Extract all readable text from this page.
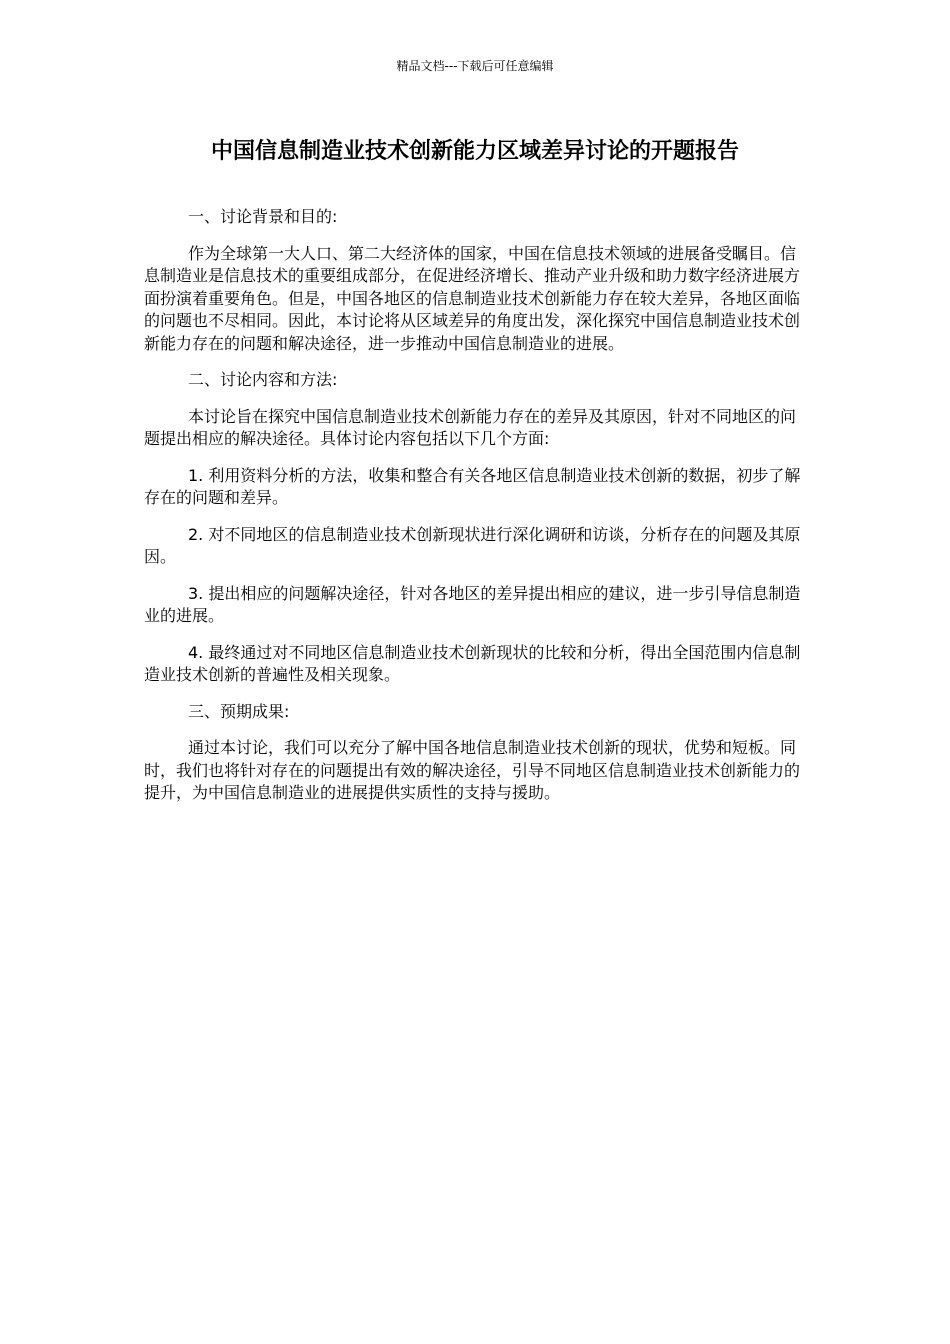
精品文档---下载后可任意编辑
中国信息制造业技术创新能力区域差异讨论的开题报告

一、讨论背景和目的:

作为全球第一大人口、第二大经济体的国家，中国在信息技术领域的进展备受瞩目。信息制造业是信息技术的重要组成部分，在促进经济增长、推动产业升级和助力数字经济进展方面扮演着重要角色。但是，中国各地区的信息制造业技术创新能力存在较大差异，各地区面临的问题也不尽相同。因此，本讨论将从区域差异的角度出发，深化探究中国信息制造业技术创新能力存在的问题和解决途径，进一步推动中国信息制造业的进展。

二、讨论内容和方法:

本讨论旨在探究中国信息制造业技术创新能力存在的差异及其原因，针对不同地区的问题提出相应的解决途径。具体讨论内容包括以下几个方面:

1. 利用资料分析的方法，收集和整合有关各地区信息制造业技术创新的数据，初步了解存在的问题和差异。

2. 对不同地区的信息制造业技术创新现状进行深化调研和访谈，分析存在的问题及其原因。

3. 提出相应的问题解决途径，针对各地区的差异提出相应的建议，进一步引导信息制造业的进展。

4. 最终通过对不同地区信息制造业技术创新现状的比较和分析，得出全国范围内信息制造业技术创新的普遍性及相关现象。

三、预期成果:

通过本讨论，我们可以充分了解中国各地信息制造业技术创新的现状，优势和短板。同时，我们也将针对存在的问题提出有效的解决途径，引导不同地区信息制造业技术创新能力的提升，为中国信息制造业的进展提供实质性的支持与援助。
